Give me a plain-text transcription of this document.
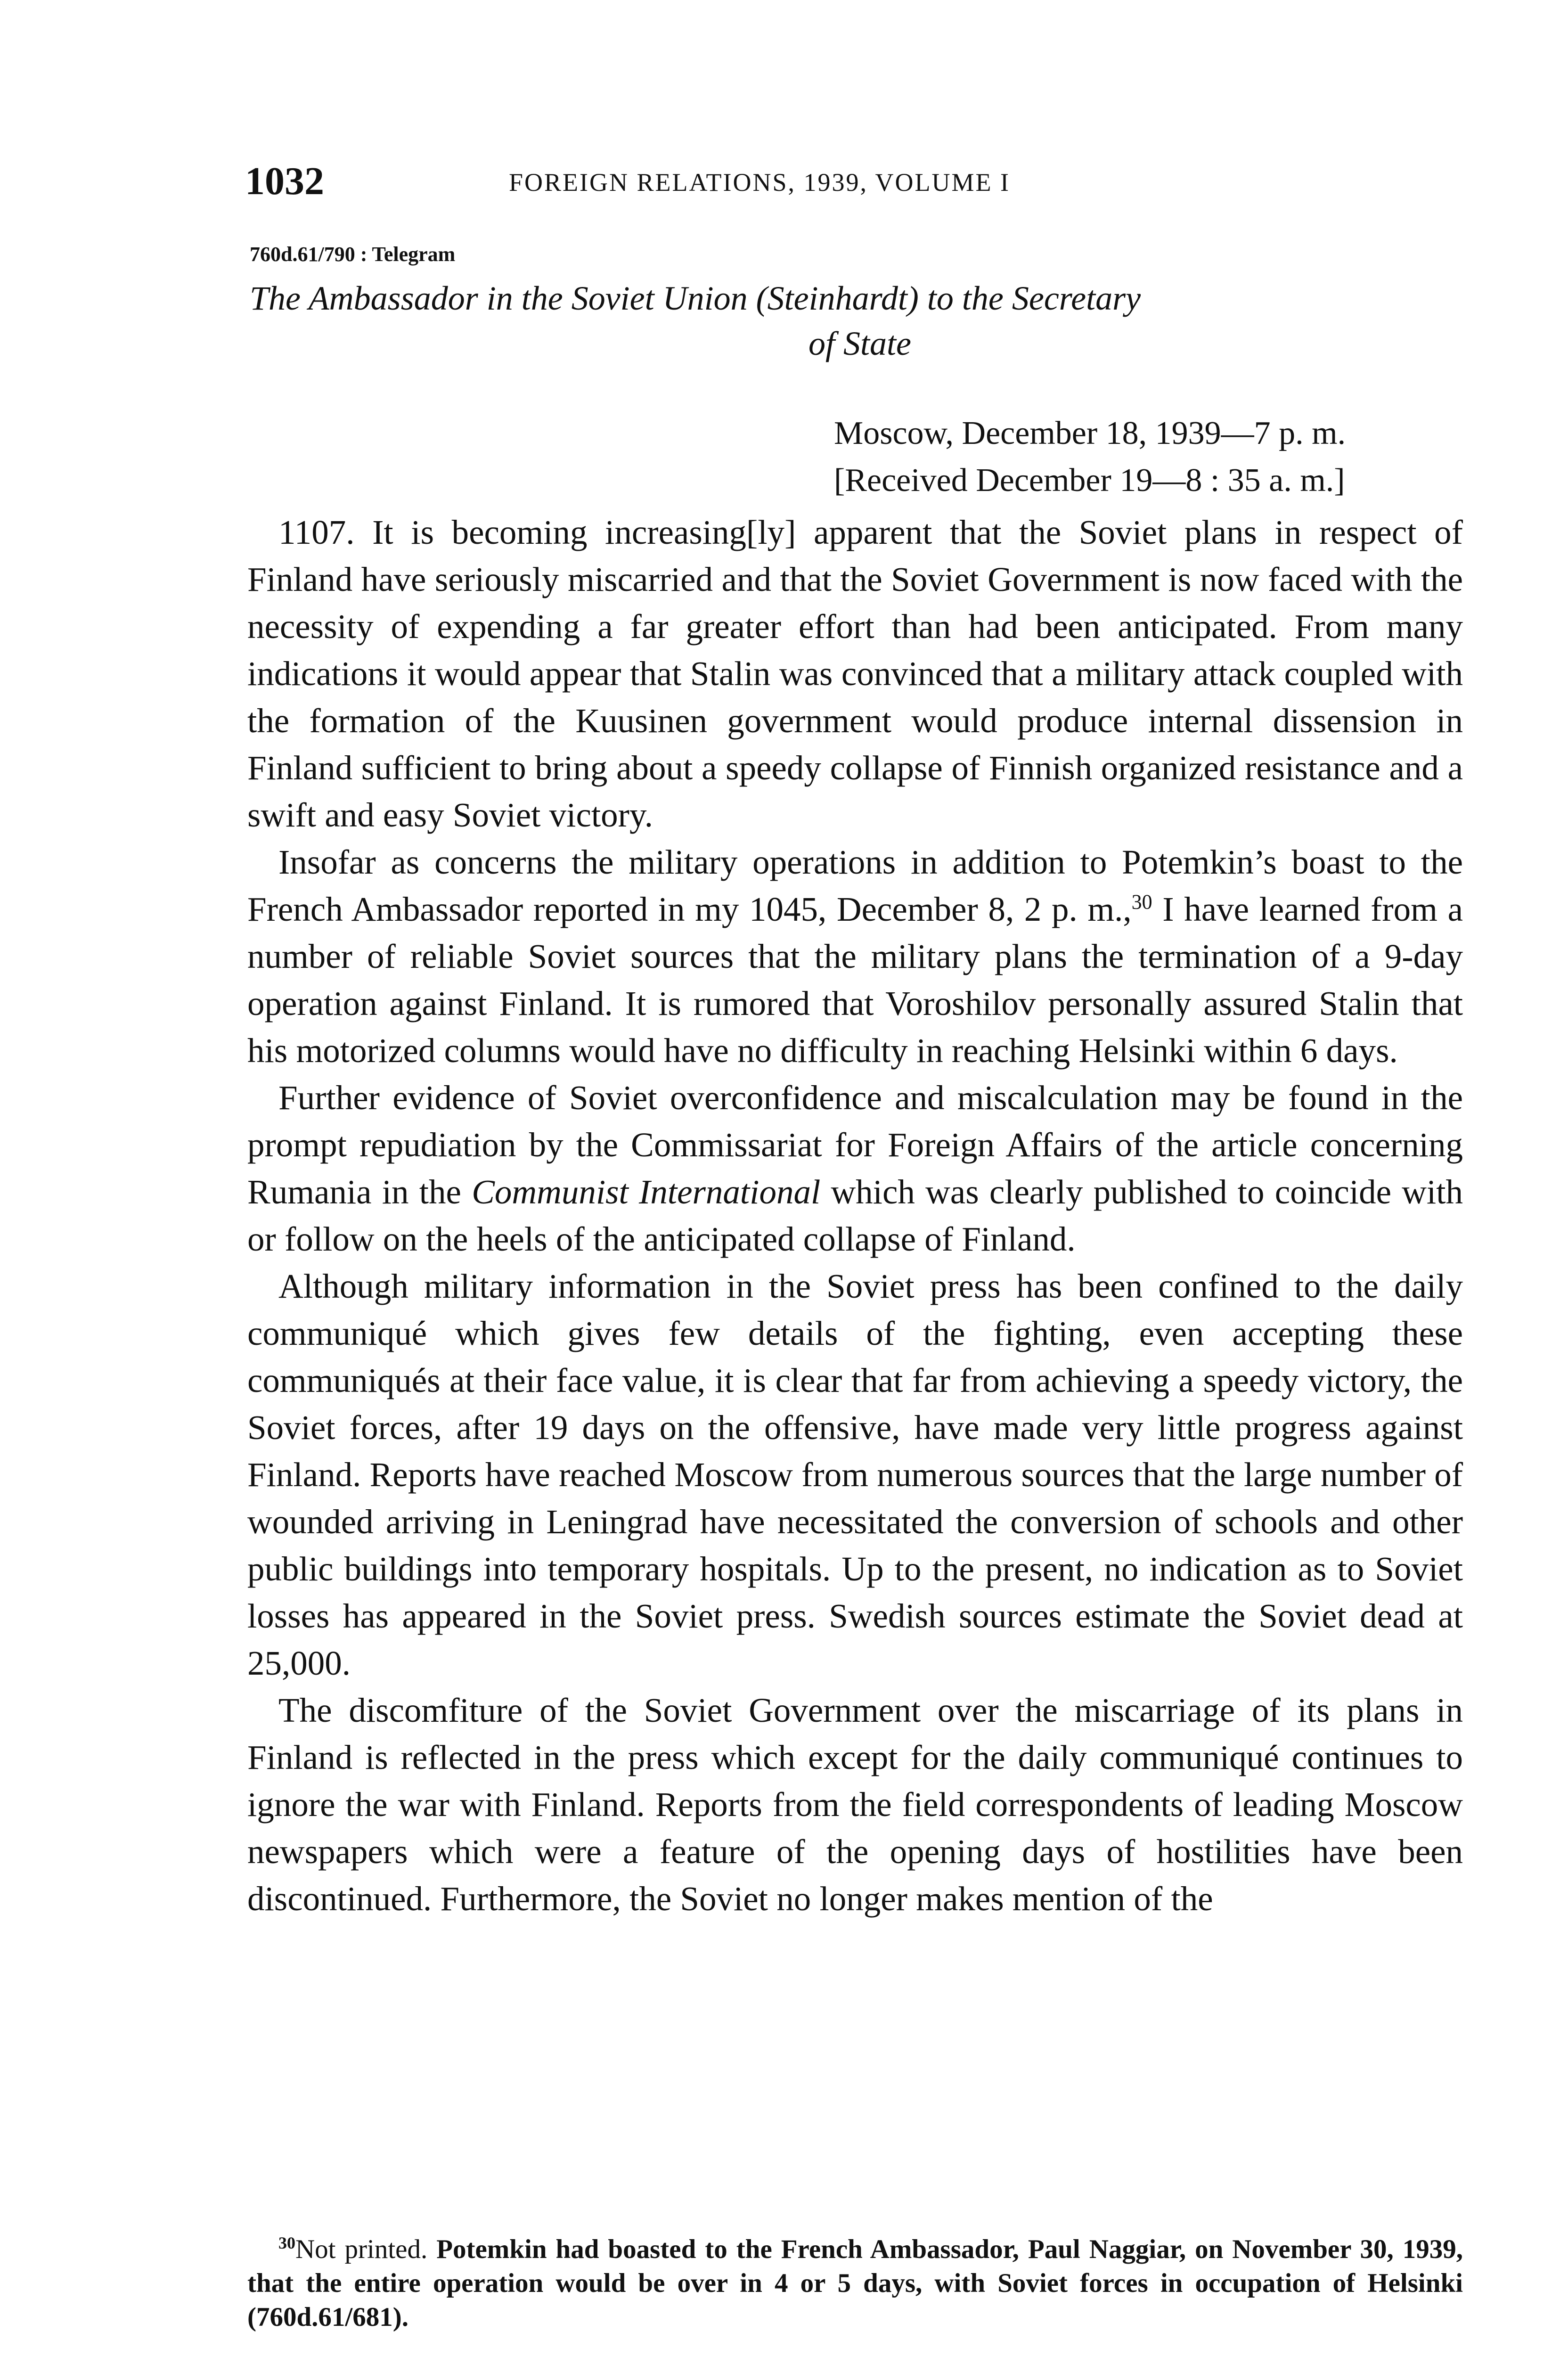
1032	FOREIGN RELATIONS, 1939, VOLUME I
760d.61/790 : Telegram
The Ambassador in the Soviet Union (Steinhardt) to the Secretary
of State
Moscow, December 18, 1939—7 p. m.
[Received December 19—8 : 35 a. m.]

1107. It is becoming increasing[ly] apparent that the Soviet plans in respect of Finland have seriously miscarried and that the Soviet Government is now faced with the necessity of expending a far greater effort than had been anticipated. From many indications it would appear that Stalin was convinced that a military attack coupled with the formation of the Kuusinen government would produce internal dissension in Finland sufficient to bring about a speedy collapse of Finnish organized resistance and a swift and easy Soviet victory.

Insofar as concerns the military operations in addition to Potemkin’s boast to the French Ambassador reported in my 1045, December 8, 2 p. m.,$^{30}$ I have learned from a number of reliable Soviet sources that the military plans the termination of a 9-day operation against Finland. It is rumored that Voroshilov personally assured Stalin that his motorized columns would have no difficulty in reaching Helsinki within 6 days.

Further evidence of Soviet overconfidence and miscalculation may be found in the prompt repudiation by the Commissariat for Foreign Affairs of the article concerning Rumania in the Communist International which was clearly published to coincide with or follow on the heels of the anticipated collapse of Finland.

Although military information in the Soviet press has been confined to the daily communiqué which gives few details of the fighting, even accepting these communiqués at their face value, it is clear that far from achieving a speedy victory, the Soviet forces, after 19 days on the offensive, have made very little progress against Finland. Reports have reached Moscow from numerous sources that the large number of wounded arriving in Leningrad have necessitated the conversion of schools and other public buildings into temporary hospitals. Up to the present, no indication as to Soviet losses has appeared in the Soviet press. Swedish sources estimate the Soviet dead at 25,000.

The discomfiture of the Soviet Government over the miscarriage of its plans in Finland is reflected in the press which except for the daily communiqué continues to ignore the war with Finland. Reports from the field correspondents of leading Moscow newspapers which were a feature of the opening days of hostilities have been discontinued. Furthermore, the Soviet no longer makes mention of the

$^{30}$Not printed. Potemkin had boasted to the French Ambassador, Paul Naggiar, on November 30, 1939, that the entire operation would be over in 4 or 5 days, with Soviet forces in occupation of Helsinki (760d.61/681).
